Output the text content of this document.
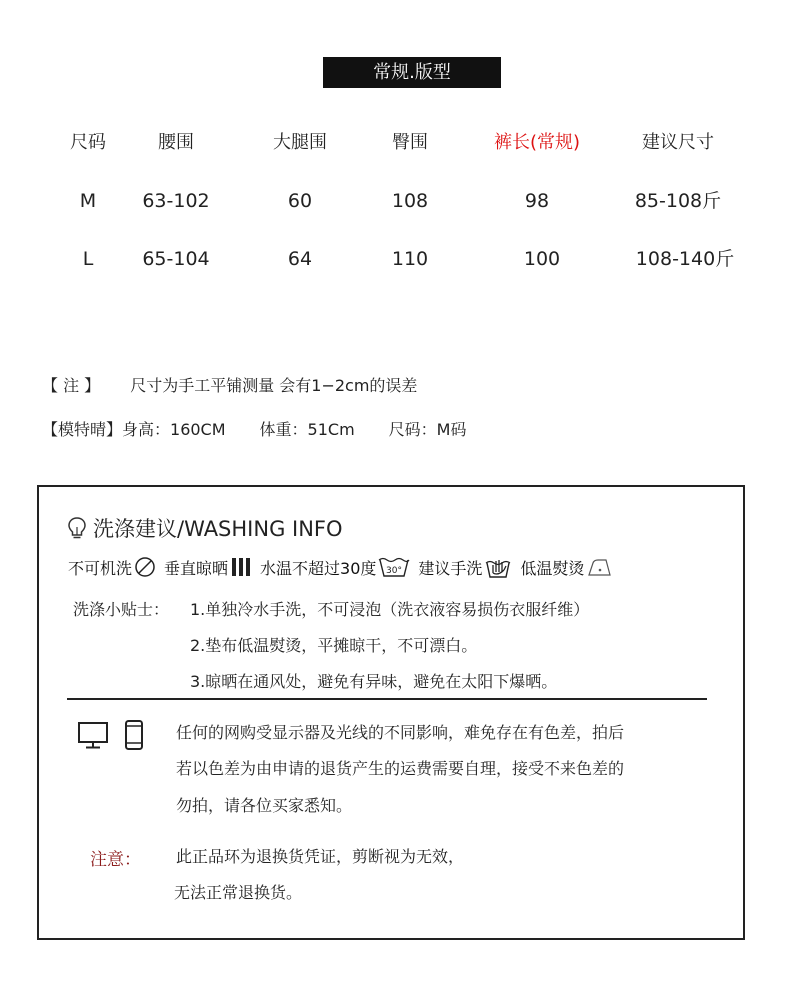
常规.版型
尺码	腰围	大腿围	臀围	裤长(常规)	建议尺寸
M 63-102	60	108	98	85-108斤
L	65-104	64	110	100	108-140斤
【 注 】 尺寸为手工平铺测量 会有1−2cm的误差
【模特晴】身高：160CM 体重：51Cm 尺码：M码
洗涤建议/WASHING INFO
不可机洗 垂直晾晒 水温不超过30度 30° 建议手洗 低温熨烫
洗涤小贴士： 1.单独冷水手洗，不可浸泡（洗衣液容易损伤衣服纤维）
2.垫布低温熨烫，平摊晾干，不可漂白。
3.晾晒在通风处，避免有异味，避免在太阳下爆晒。
任何的网购受显示器及光线的不同影响，难免存在有色差，拍后
若以色差为由申请的退货产生的运费需要自理，接受不来色差的
勿拍，请各位买家悉知。
注意： 此正品环为退换货凭证，剪断视为无效，
无法正常退换货。
